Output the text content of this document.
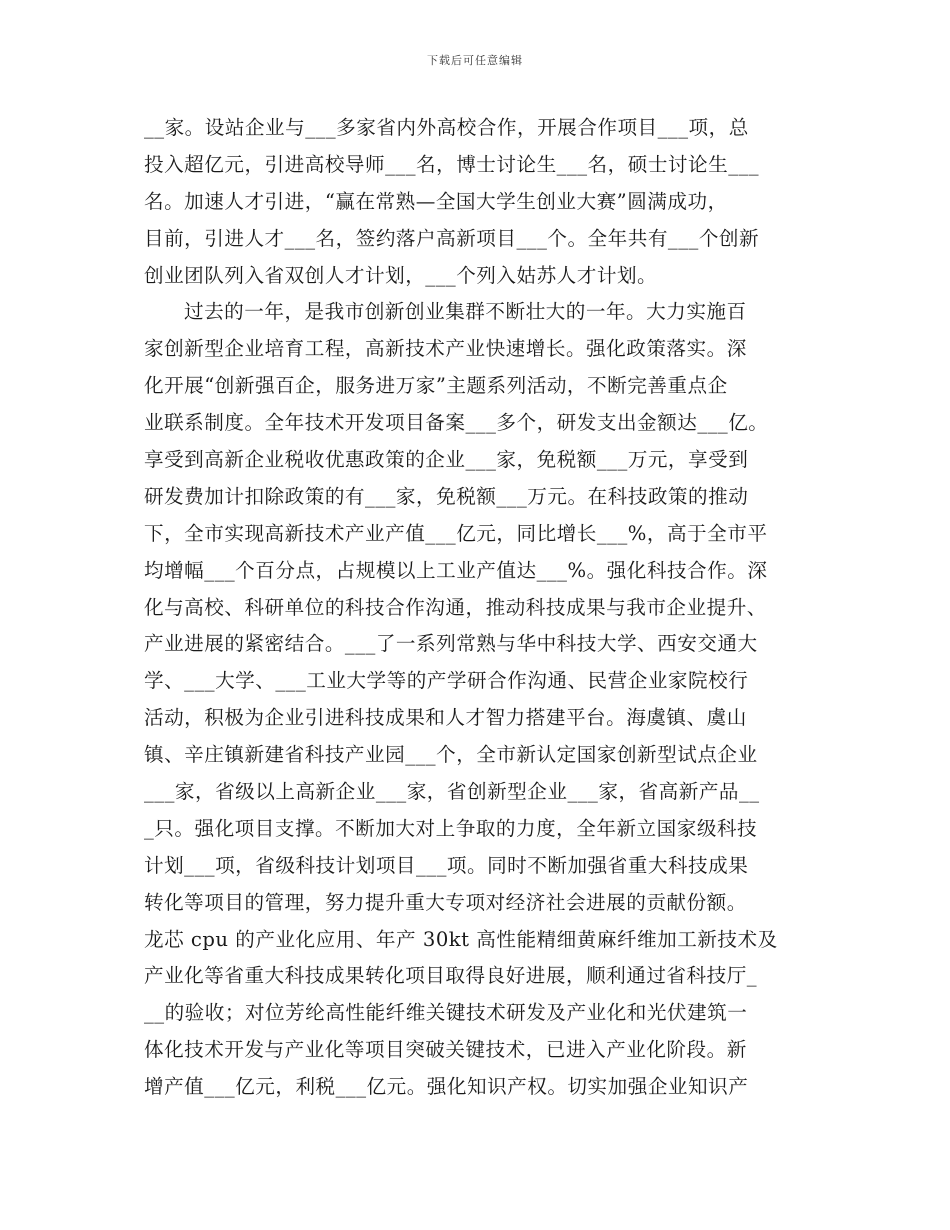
下载后可任意编辑
__家。设站企业与___多家省内外高校合作，开展合作项目___项，总
投入超亿元，引进高校导师___名，博士讨论生___名，硕士讨论生___
名。加速人才引进，“赢在常熟—全国大学生创业大赛”圆满成功，
目前，引进人才___名，签约落户高新项目___个。全年共有___个创新
创业团队列入省双创人才计划，___个列入姑苏人才计划。
过去的一年，是我市创新创业集群不断壮大的一年。大力实施百
家创新型企业培育工程，高新技术产业快速增长。强化政策落实。深
化开展“创新强百企，服务进万家”主题系列活动，不断完善重点企
业联系制度。全年技术开发项目备案___多个，研发支出金额达___亿。
享受到高新企业税收优惠政策的企业___家，免税额___万元，享受到
研发费加计扣除政策的有___家，免税额___万元。在科技政策的推动
下，全市实现高新技术产业产值___亿元，同比增长___%，高于全市平
均增幅___个百分点，占规模以上工业产值达___%。强化科技合作。深
化与高校、科研单位的科技合作沟通，推动科技成果与我市企业提升、
产业进展的紧密结合。___了一系列常熟与华中科技大学、西安交通大
学、___大学、___工业大学等的产学研合作沟通、民营企业家院校行
活动，积极为企业引进科技成果和人才智力搭建平台。海虞镇、虞山
镇、辛庄镇新建省科技产业园___个，全市新认定国家创新型试点企业
___家，省级以上高新企业___家，省创新型企业___家，省高新产品__
_只。强化项目支撑。不断加大对上争取的力度，全年新立国家级科技
计划___项，省级科技计划项目___项。同时不断加强省重大科技成果
转化等项目的管理，努力提升重大专项对经济社会进展的贡献份额。
龙芯 cpu 的产业化应用、年产 30kt 高性能精细黄麻纤维加工新技术及
产业化等省重大科技成果转化项目取得良好进展，顺利通过省科技厅_
__的验收；对位芳纶高性能纤维关键技术研发及产业化和光伏建筑一
体化技术开发与产业化等项目突破关键技术，已进入产业化阶段。新
增产值___亿元，利税___亿元。强化知识产权。切实加强企业知识产
